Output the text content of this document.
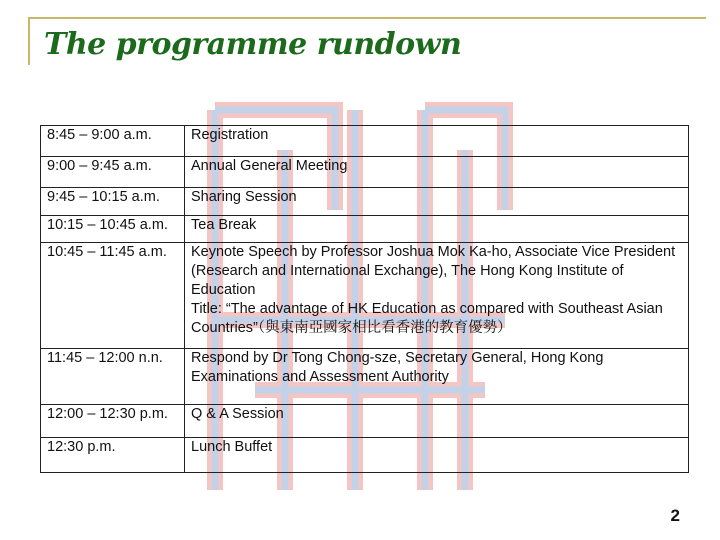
The programme rundown
8:45 – 9:00 a.m.	Registration
9:00 – 9:45 a.m.	Annual General Meeting
9:45 – 10:15 a.m.	Sharing Session
10:15 – 10:45 a.m.	Tea Break
10:45 – 11:45 a.m.	Keynote Speech by Professor Joshua Mok Ka-ho, Associate Vice President (Research and International Exchange), The Hong Kong Institute of Education
Title: “The advantage of HK Education as compared with Southeast Asian Countries”（與東南亞國家相比看香港的教育優勢）

11:45 – 12:00 n.n.	Respond by Dr Tong Chong-sze, Secretary General, Hong Kong Examinations and Assessment Authority
12:00 – 12:30 p.m.	Q & A Session
12:30 p.m.	Lunch Buffet
2
